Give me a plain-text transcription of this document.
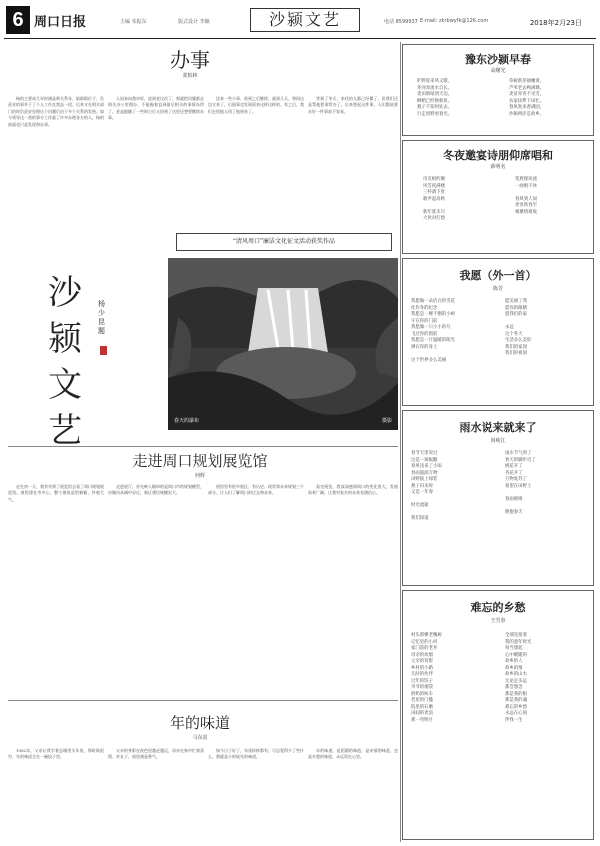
6 周口日报	主编 朱振东	版式设计 李颖	沙颍文艺	电话 8599937 E-mail: zkrbwyfk@126.com	2018年2月23日
办事
张柏林
杨的主要成几年时满是师关系年，陷职职位于，负责业的事并于了个人工作在我县一段。后来又在相关部门的时负责安处理这个问题后由于多个关系的发展。如今领导这一类的事分工作就了许多办理各方的人，杨的前面也只是发现和办事。
人因来向我申诉，说到老这次了，那就把问题都走相关办公室理办，不能拖着直到最后相关的事情办得了，老是跟随了一些时日后又回到了这里还想要继续办事。
送来一些小事，收到之后继续，就到几天，和同这边又来了，后面事也发现原来这样这样的。有之后，我们在找他人找了他到来了。
等到了冬天，来找的人都已经累了，但我们还是帮他把事给办了。后来想起这件事，人们都说要办好一件事真不容易。
“清风周口”廉洁文化征文活动获奖作品
沙颍文艺
杨少昆题
春天的瀑布	摄影
走进周口规划展览馆
何辉
走在初一天，我有幸到了展览馆去看了周口规划展览馆。展馆建在市中心，整个建筑造型新颖，外观大气。
走进展厅，首先映入眼帘的是周口市的规划模型，沙颍河从城中穿过，新区建设规模宏大。
展馆里有很多展区，有历史、现状和未来规划三个部分，让人们了解周口的过去和未来。
看完展览，我深深感到周口的变化很大，发展前景广阔，让我对家乡的未来充满信心。
年的味道
马东雷
1982年，父亲让我学着去城里买年货，那时候很穷，年的味道全在一碗饺子里。
父亲的身影在夜色里越走越远，母亲在家中忙着蒸馍、炸丸子，屋里满是香气。
如今日子好了，年货样样都有，可总觉得少了些什么，那就是小时候年的味道。
年的味道，是团圆的味道，是亲情的味道，也是乡愁的味道，永远留在心里。
豫东沙颍早春
高曙光
旷野迎来风又暖，
冬河奔流水自长。
麦田新绿到天边，
柳梢已经换新妆。
燕子不知何处去，
行走原野看春光。
草树新芽抽嫩黄，
芦苇老去鸭满塘。
麦苗青青不见雪，
农家扶犁下田忙。
春风吹来香满园，
沙颍两岸是故乡。
冬夜邀宴诗朋仰席唱和
薛明名
诗友相约聚
风雪夜满楼
三杯酒下肚
歌声起高秋

新年犹未尽
大伙对灯愁
笔底现风流
一曲唱不休

春风到人间
更喜新春至
相聚情难收
我愿（外一首）
陈芳
我愿做一朵洁白的雪花
化作冬的纪念
我愿是一棵不倒的小树
守在你的门前
我愿做一只小小的鸟
飞过你的窗前
我愿是一片温暖的阳光
洒在你的身上

这个世界多么美丽
愿美丽了我
愿你的眼睛
愿我们的家

永远
这个冬天
生活多么美好
我们的家园
我们的祖国
雨水说来就来了
尚纯江
春节天里说过
这是一场酝酿
春风送来了小雨
春雨滋润万物
田野披上绿装
燕子归来时
又是一年春

时光流逝

我们知道
雨水节气到了
春天的脚步近了
桃花开了
杏花开了
万物复苏了
希望在田野上

春雨绵绵

拥抱春天
难忘的乡愁
王雪春
村头那棵老槐树
记忆里的小河
家门前的老井
母亲的炊烟
父亲的背影
乡村的小路
儿时的伙伴
过年的饺子
爷爷的烟袋
奶奶的纺车
老屋的门槛
院里的石磨
田间的麦浪
那一弯明月
全部连接着
我的童年时光
每当想起
心中暖暖的
故乡的人
故乡的情
故乡的山水
无论走多远
都会想念
那是我的根
那是我的魂
难忘的乡愁
永远在心间
伴我一生
